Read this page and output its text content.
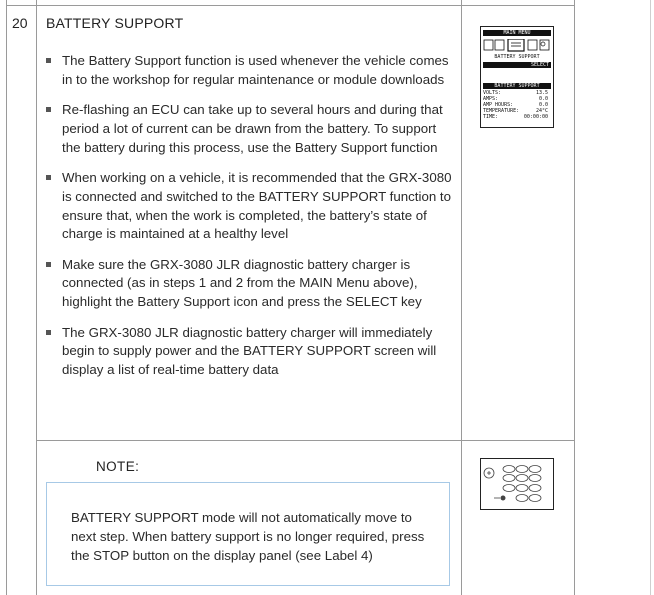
20 BATTERY SUPPORT
The Battery Support function is used whenever the vehicle comes in to the workshop for regular maintenance or module downloads
Re-flashing an ECU can take up to several hours and during that period a lot of current can be drawn from the battery. To support the battery during this process, use the Battery Support function
When working on a vehicle, it is recommended that the GRX-3080 is connected and switched to the BATTERY SUPPORT function to ensure that, when the work is completed, the battery’s state of charge is maintained at a healthy level
Make sure the GRX-3080 JLR diagnostic battery charger is connected (as in steps 1 and 2 from the MAIN Menu above), highlight the Battery Support icon and press the SELECT key
The GRX-3080 JLR diagnostic battery charger will immediately begin to supply power and the BATTERY SUPPORT screen will display a list of real-time battery data
MAIN MENU
BATTERY SUPPORT
SELECT
BATTERY SUPPORT
VOLTS:	13.5
AMPS:	0.0
AMP HOURS:	0.0
TEMPERATURE:	24°C
TIME:	00:00:00
NOTE:
BATTERY SUPPORT mode will not automatically move to next step. When battery support is no longer required, press the STOP button on the display panel (see Label 4)
